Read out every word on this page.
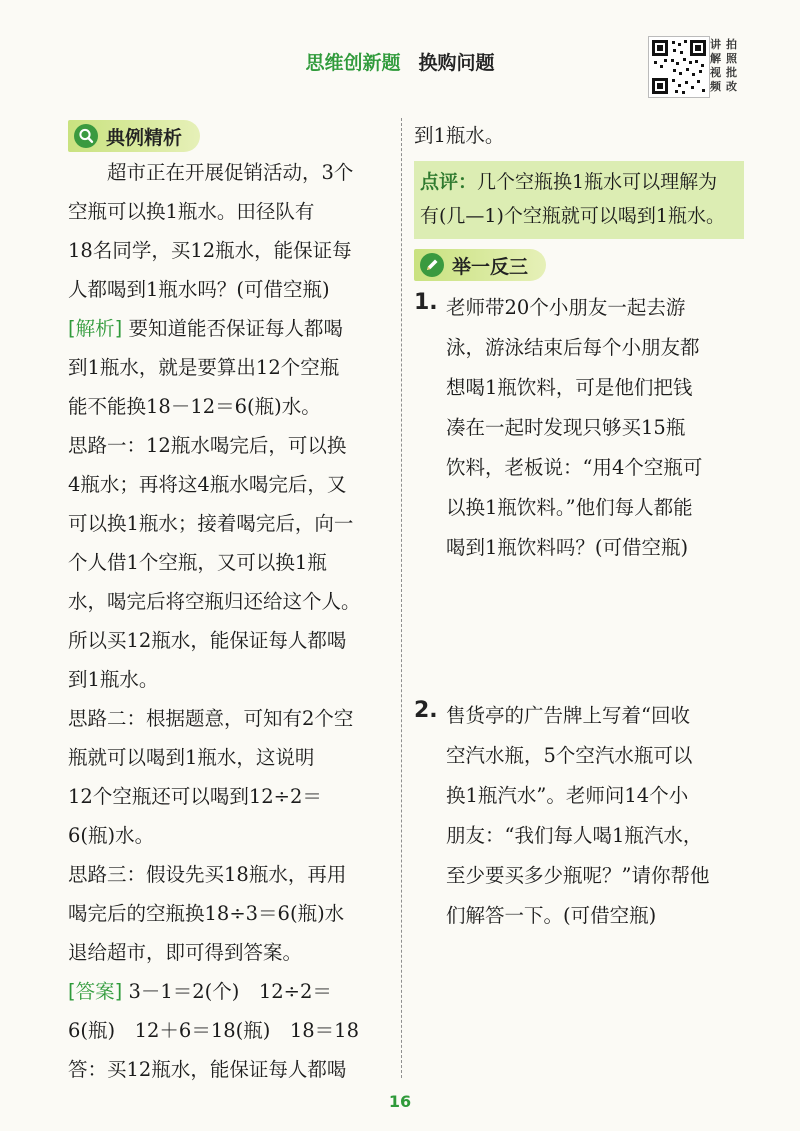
思维创新题 换购问题
讲 拍
解 照
视 批
频 改
典例精析

超市正在开展促销活动，3个

空瓶可以换1瓶水。田径队有

18名同学，买12瓶水，能保证每

人都喝到1瓶水吗？(可借空瓶)

[解析] 要知道能否保证每人都喝

到1瓶水，就是要算出12个空瓶

能不能换18－12＝6(瓶)水。

思路一：12瓶水喝完后，可以换

4瓶水；再将这4瓶水喝完后，又

可以换1瓶水；接着喝完后，向一

个人借1个空瓶，又可以换1瓶

水，喝完后将空瓶归还给这个人。

所以买12瓶水，能保证每人都喝

到1瓶水。

思路二：根据题意，可知有2个空

瓶就可以喝到1瓶水，这说明

12个空瓶还可以喝到12÷2＝

6(瓶)水。

思路三：假设先买18瓶水，再用

喝完后的空瓶换18÷3＝6(瓶)水

退给超市，即可得到答案。

[答案] 3－1＝2(个)　12÷2＝

6(瓶)　12＋6＝18(瓶)　18＝18

答：买12瓶水，能保证每人都喝

到1瓶水。

点评：几个空瓶换1瓶水可以理解为

有(几—1)个空瓶就可以喝到1瓶水。

举一反三
1. 老师带20个小朋友一起去游

泳，游泳结束后每个小朋友都

想喝1瓶饮料，可是他们把钱

凑在一起时发现只够买15瓶

饮料，老板说：“用4个空瓶可

以换1瓶饮料。”他们每人都能

喝到1瓶饮料吗？(可借空瓶)

2. 售货亭的广告牌上写着“回收

空汽水瓶，5个空汽水瓶可以

换1瓶汽水”。老师问14个小

朋友：“我们每人喝1瓶汽水，

至少要买多少瓶呢？”请你帮他

们解答一下。(可借空瓶)

16
